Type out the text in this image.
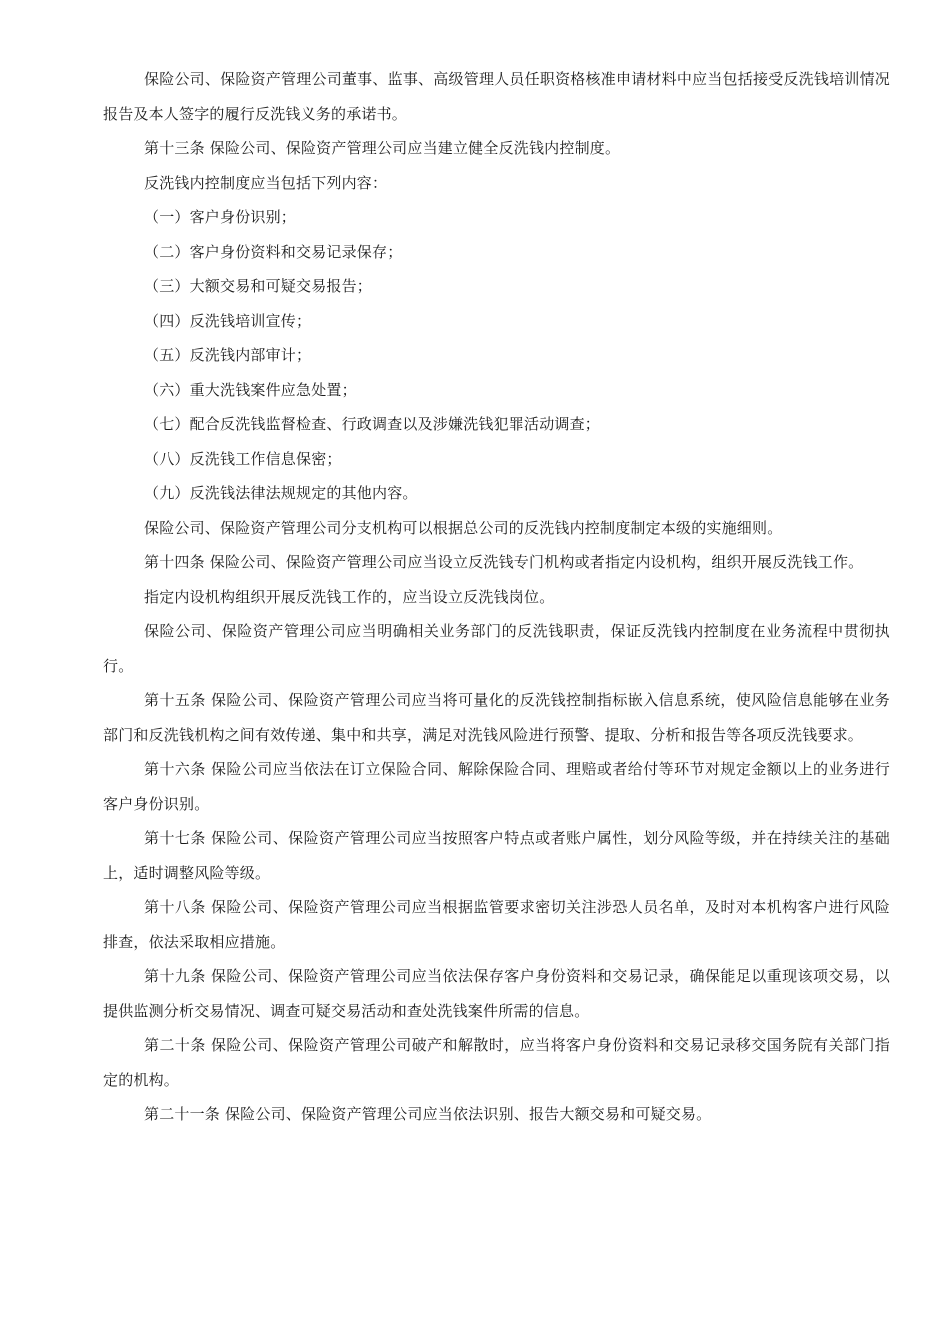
保险公司、保险资产管理公司董事、监事、高级管理人员任职资格核准申请材料中应当包括接受反洗钱培训情况报告及本人签字的履行反洗钱义务的承诺书。

第十三条 保险公司、保险资产管理公司应当建立健全反洗钱内控制度。

反洗钱内控制度应当包括下列内容：

（一）客户身份识别；

（二）客户身份资料和交易记录保存；

（三）大额交易和可疑交易报告；

（四）反洗钱培训宣传；

（五）反洗钱内部审计；

（六）重大洗钱案件应急处置；

（七）配合反洗钱监督检查、行政调查以及涉嫌洗钱犯罪活动调查；

（八）反洗钱工作信息保密；

（九）反洗钱法律法规规定的其他内容。

保险公司、保险资产管理公司分支机构可以根据总公司的反洗钱内控制度制定本级的实施细则。

第十四条 保险公司、保险资产管理公司应当设立反洗钱专门机构或者指定内设机构，组织开展反洗钱工作。

指定内设机构组织开展反洗钱工作的，应当设立反洗钱岗位。

保险公司、保险资产管理公司应当明确相关业务部门的反洗钱职责，保证反洗钱内控制度在业务流程中贯彻执行。

第十五条 保险公司、保险资产管理公司应当将可量化的反洗钱控制指标嵌入信息系统，使风险信息能够在业务部门和反洗钱机构之间有效传递、集中和共享，满足对洗钱风险进行预警、提取、分析和报告等各项反洗钱要求。

第十六条 保险公司应当依法在订立保险合同、解除保险合同、理赔或者给付等环节对规定金额以上的业务进行客户身份识别。

第十七条 保险公司、保险资产管理公司应当按照客户特点或者账户属性，划分风险等级，并在持续关注的基础上，适时调整风险等级。

第十八条 保险公司、保险资产管理公司应当根据监管要求密切关注涉恐人员名单，及时对本机构客户进行风险排查，依法采取相应措施。

第十九条 保险公司、保险资产管理公司应当依法保存客户身份资料和交易记录，确保能足以重现该项交易，以提供监测分析交易情况、调查可疑交易活动和查处洗钱案件所需的信息。

第二十条 保险公司、保险资产管理公司破产和解散时，应当将客户身份资料和交易记录移交国务院有关部门指定的机构。

第二十一条 保险公司、保险资产管理公司应当依法识别、报告大额交易和可疑交易。
